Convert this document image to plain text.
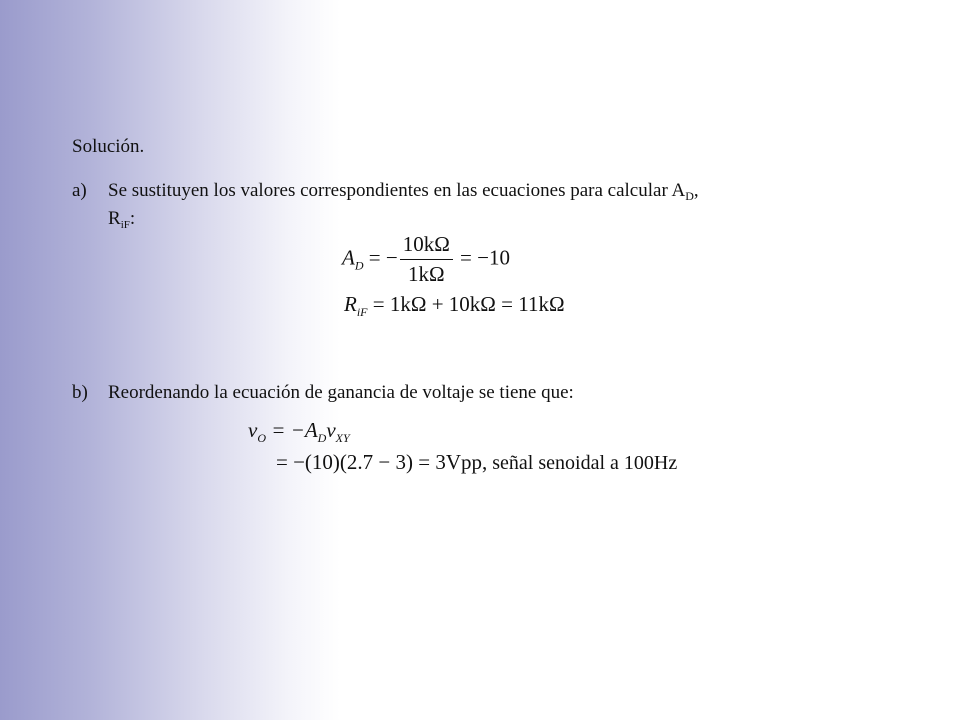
Solución.
a) Se sustituyen los valores correspondientes en las ecuaciones para calcular $A_D$,
$R_{iF}$:
$A_D$ = − $\frac{10k\Omega}{1k\Omega} = -10$
$R_{iF} = 1k\Omega + 10k\Omega = 11k\Omega$
b) Reordenando la ecuación de ganancia de voltaje se tiene que:
$v_O = -A_Dv_{XY}$
= −(10)(2.7 − 3) = 3Vpp, señal senoidal a 100Hz
